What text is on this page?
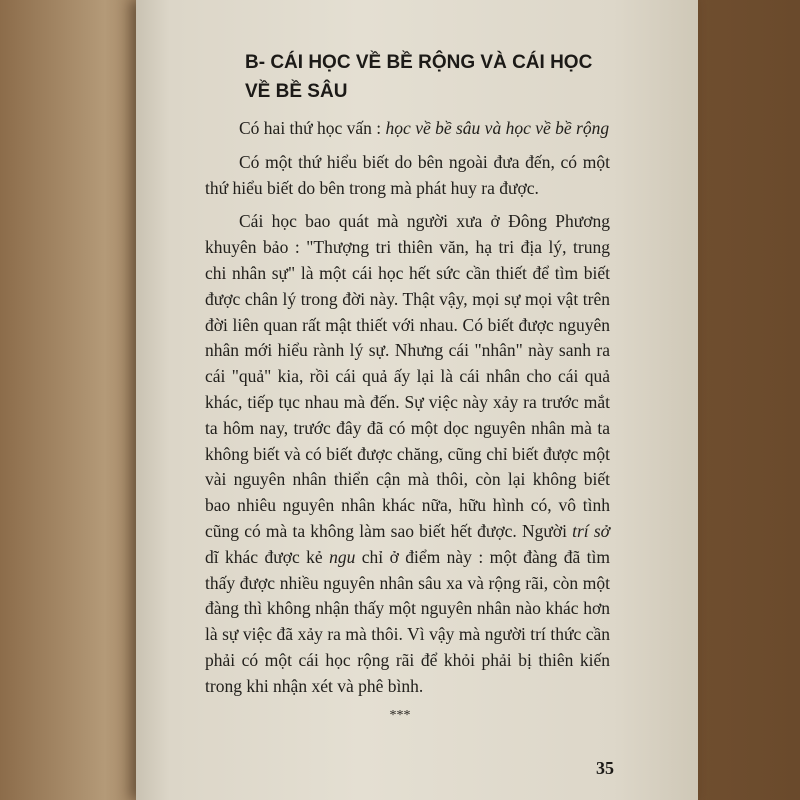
B- CÁI HỌC VỀ BỀ RỘNG VÀ CÁI HỌC VỀ BỀ SÂU

Có hai thứ học vấn : học về bề sâu và học về bề rộng

Có một thứ hiểu biết do bên ngoài đưa đến, có một thứ hiểu biết do bên trong mà phát huy ra được.

Cái học bao quát mà người xưa ở Đông Phương khuyên bảo : "Thượng tri thiên văn, hạ tri địa lý, trung chi nhân sự" là một cái học hết sức cần thiết để tìm biết được chân lý trong đời này. Thật vậy, mọi sự mọi vật trên đời liên quan rất mật thiết với nhau. Có biết được nguyên nhân mới hiểu rành lý sự. Nhưng cái "nhân" này sanh ra cái "quả" kia, rồi cái quả ấy lại là cái nhân cho cái quả khác, tiếp tục nhau mà đến. Sự việc này xảy ra trước mắt ta hôm nay, trước đây đã có một dọc nguyên nhân mà ta không biết và có biết được chăng, cũng chỉ biết được một vài nguyên nhân thiển cận mà thôi, còn lại không biết bao nhiêu nguyên nhân khác nữa, hữu hình có, vô tình cũng có mà ta không làm sao biết hết được. Người trí sở dĩ khác được kẻ ngu chỉ ở điểm này : một đàng đã tìm thấy được nhiều nguyên nhân sâu xa và rộng rãi, còn một đàng thì không nhận thấy một nguyên nhân nào khác hơn là sự việc đã xảy ra mà thôi. Vì vậy mà người trí thức cần phải có một cái học rộng rãi để khỏi phải bị thiên kiến trong khi nhận xét và phê bình.

***
35
